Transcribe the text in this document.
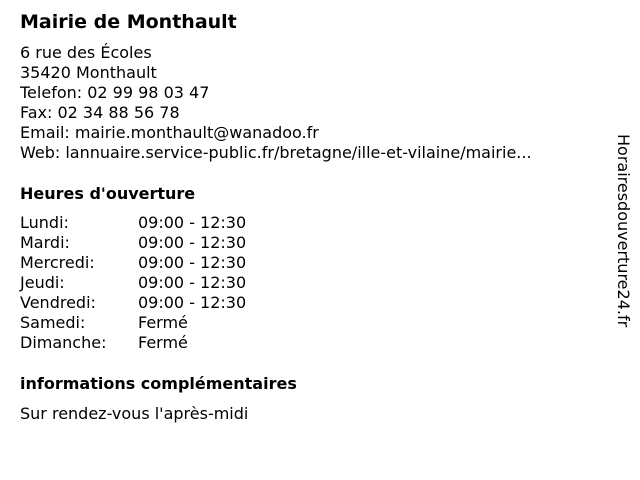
Mairie de Monthault
6 rue des Écoles
35420 Monthault
Telefon: 02 99 98 03 47
Fax: 02 34 88 56 78
Email: mairie.monthault@wanadoo.fr
Web: lannuaire.service-public.fr/bretagne/ille-et-vilaine/mairie...
Heures d'ouverture
Lundi:	09:00 - 12:30
Mardi:	09:00 - 12:30
Mercredi:	09:00 - 12:30
Jeudi:	09:00 - 12:30
Vendredi:	09:00 - 12:30
Samedi:	Fermé
Dimanche: Fermé
informations complémentaires
Sur rendez-vous l'après-midi
Horairesdouverture24.fr
